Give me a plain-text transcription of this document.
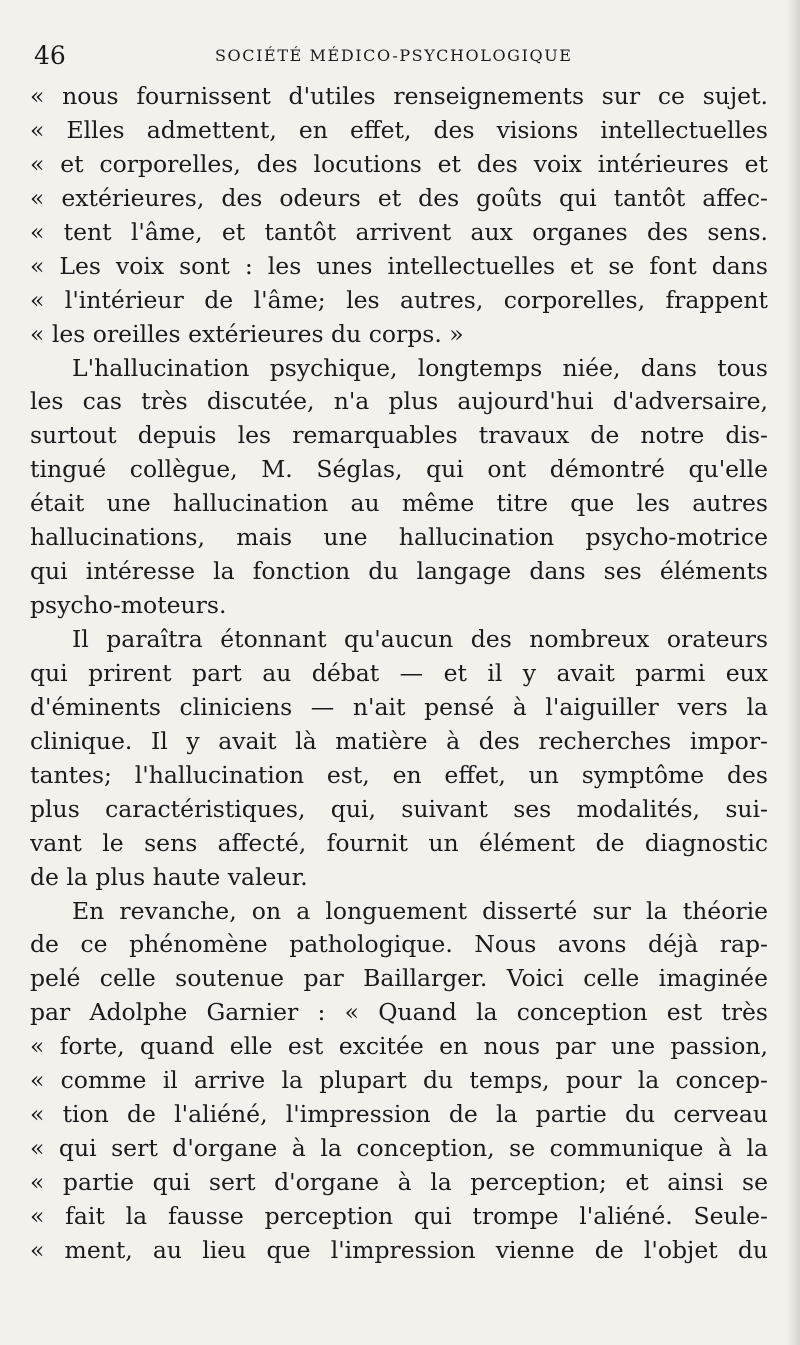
46	SOCIÉTÉ MÉDICO-PSYCHOLOGIQUE
« nous fournissent d'utiles renseignements sur ce sujet.
« Elles admettent, en effet, des visions intellectuelles
« et corporelles, des locutions et des voix intérieures et
« extérieures, des odeurs et des goûts qui tantôt affec-
« tent l'âme, et tantôt arrivent aux organes des sens.
« Les voix sont : les unes intellectuelles et se font dans
« l'intérieur de l'âme; les autres, corporelles, frappent
« les oreilles extérieures du corps. »
L'hallucination psychique, longtemps niée, dans tous
les cas très discutée, n'a plus aujourd'hui d'adversaire,
surtout depuis les remarquables travaux de notre dis-
tingué collègue, M. Séglas, qui ont démontré qu'elle
était une hallucination au même titre que les autres
hallucinations, mais une hallucination psycho-motrice
qui intéresse la fonction du langage dans ses éléments
psycho-moteurs.
Il paraîtra étonnant qu'aucun des nombreux orateurs
qui prirent part au débat — et il y avait parmi eux
d'éminents cliniciens — n'ait pensé à l'aiguiller vers la
clinique. Il y avait là matière à des recherches impor-
tantes; l'hallucination est, en effet, un symptôme des
plus caractéristiques, qui, suivant ses modalités, sui-
vant le sens affecté, fournit un élément de diagnostic
de la plus haute valeur.
En revanche, on a longuement disserté sur la théorie
de ce phénomène pathologique. Nous avons déjà rap-
pelé celle soutenue par Baillarger. Voici celle imaginée
par Adolphe Garnier : « Quand la conception est très
« forte, quand elle est excitée en nous par une passion,
« comme il arrive la plupart du temps, pour la concep-
« tion de l'aliéné, l'impression de la partie du cerveau
« qui sert d'organe à la conception, se communique à la
« partie qui sert d'organe à la perception; et ainsi se
« fait la fausse perception qui trompe l'aliéné. Seule-
« ment, au lieu que l'impression vienne de l'objet du
